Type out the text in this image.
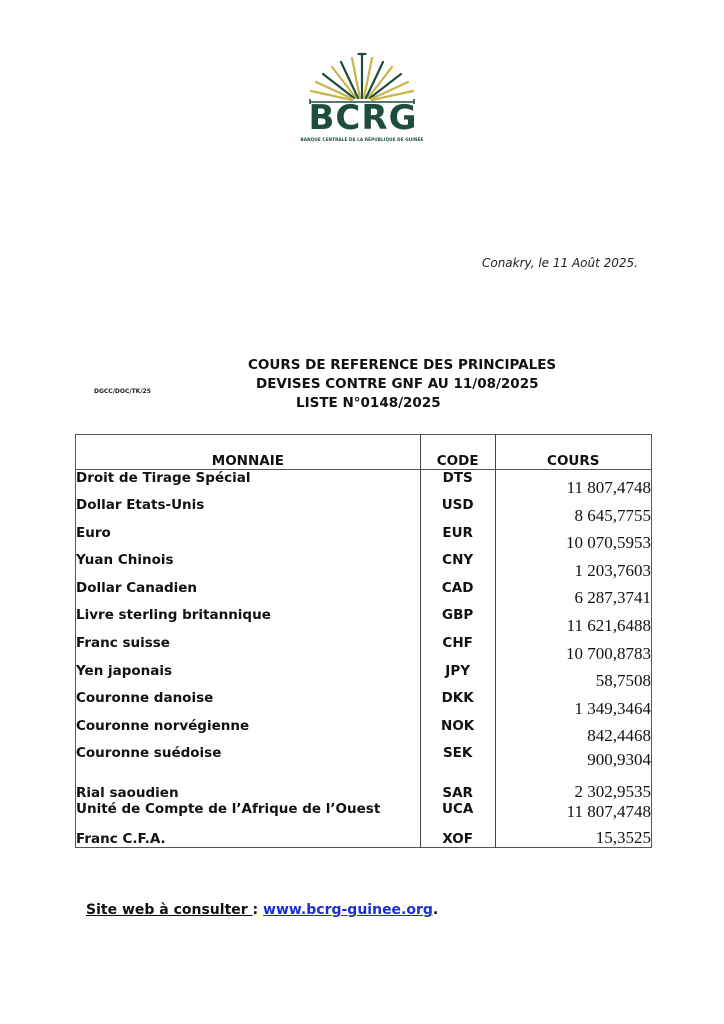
BCRG
BANQUE CENTRALE DE LA RÉPUBLIQUE DE GUINÉE
Conakry, le 11 Août 2025.
DGCC/DOC/TK/25
COURS DE REFERENCE DES PRINCIPALES
DEVISES CONTRE GNF AU 11/08/2025
LISTE N°0148/2025
MONNAIE	CODE	COURS
Droit de Tirage Spécial	DTS	11 807,4748
Dollar Etats-Unis	USD	8 645,7755
Euro	EUR	10 070,5953
Yuan Chinois	CNY	1 203,7603
Dollar Canadien	CAD	6 287,3741
Livre sterling britannique	GBP	11 621,6488
Franc suisse	CHF	10 700,8783
Yen japonais	JPY	58,7508
Couronne danoise	DKK	1 349,3464
Couronne norvégienne	NOK	842,4468
Couronne suédoise	SEK	900,9304
Rial saoudien	SAR	2 302,9535
Unité de Compte de l’Afrique de l’Ouest	UCA	11 807,4748
Franc C.F.A.	XOF	15,3525
Site web à consulter : www.bcrg-guinee.org.
